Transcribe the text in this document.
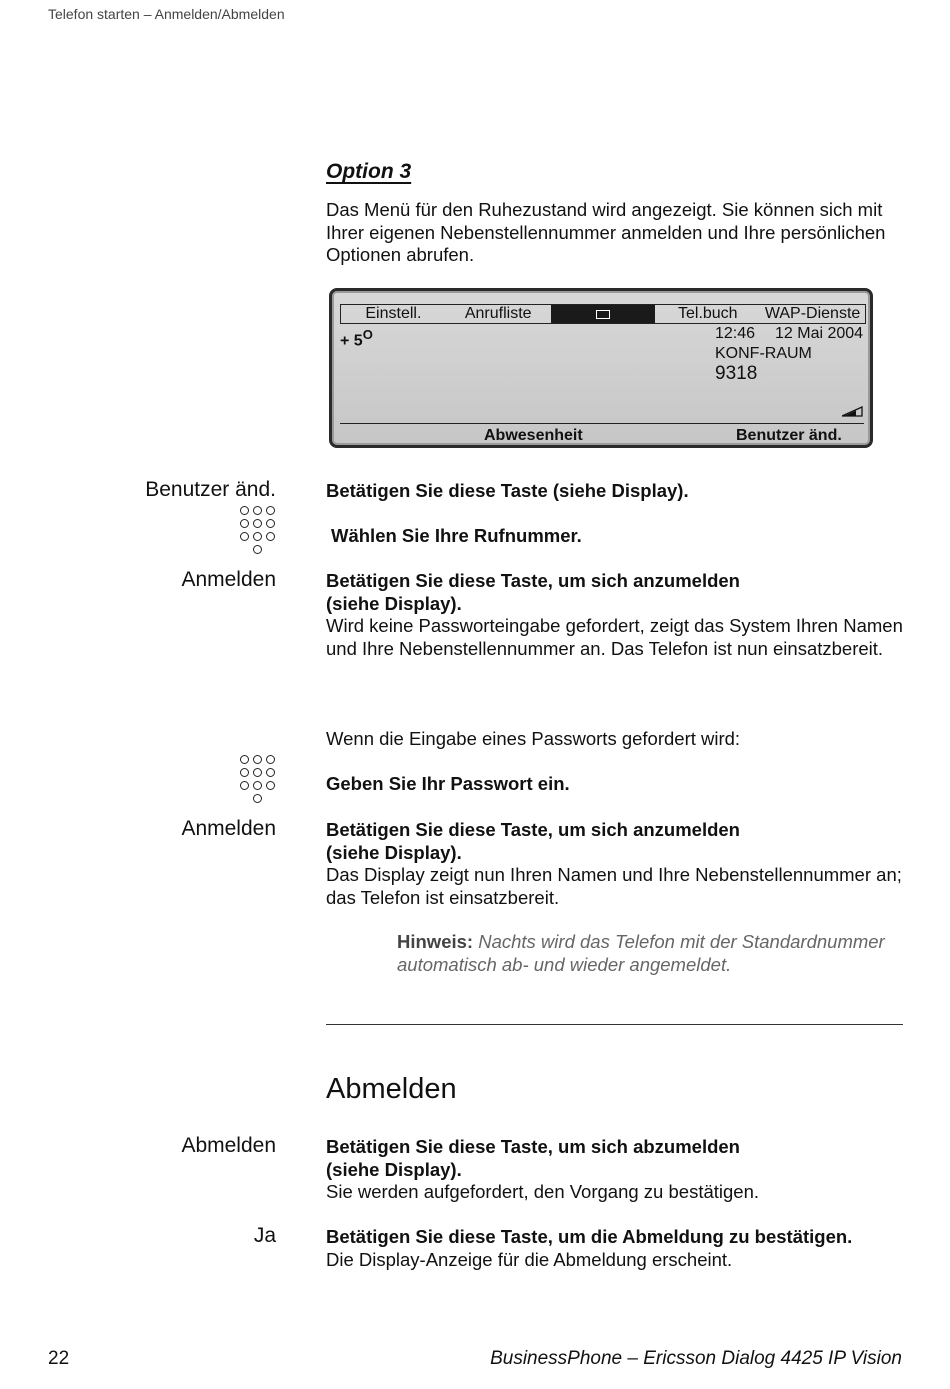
Telefon starten – Anmelden/Abmelden
Option 3
Das Menü für den Ruhezustand wird angezeigt. Sie können sich mit Ihrer eigenen Nebenstellennummer anmelden und Ihre persönlichen Optionen abrufen.
Einstell.	Anrufliste	Tel.buch	WAP-Dienste
+ $5^O$	12:46 12 Mai 2004
KONF-RAUM
9318
Abwesenheit	Benutzer änd.
Benutzer änd.	Betätigen Sie diese Taste (siehe Display).
Wählen Sie Ihre Rufnummer.
Anmelden	Betätigen Sie diese Taste, um sich anzumelden (siehe Display).
Wird keine Passworteingabe gefordert, zeigt das System Ihren Namen und Ihre Nebenstellennummer an. Das Telefon ist nun einsatzbereit.
Wenn die Eingabe eines Passworts gefordert wird:
Geben Sie Ihr Passwort ein.
Anmelden	Betätigen Sie diese Taste, um sich anzumelden (siehe Display).
Das Display zeigt nun Ihren Namen und Ihre Nebenstellennummer an; das Telefon ist einsatzbereit.
Hinweis: Nachts wird das Telefon mit der Standardnummer automatisch ab- und wieder angemeldet.
Abmelden
Abmelden	Betätigen Sie diese Taste, um sich abzumelden (siehe Display).
Sie werden aufgefordert, den Vorgang zu bestätigen.
Ja	Betätigen Sie diese Taste, um die Abmeldung zu bestätigen.
Die Display-Anzeige für die Abmeldung erscheint.
22	BusinessPhone – Ericsson Dialog 4425 IP Vision
